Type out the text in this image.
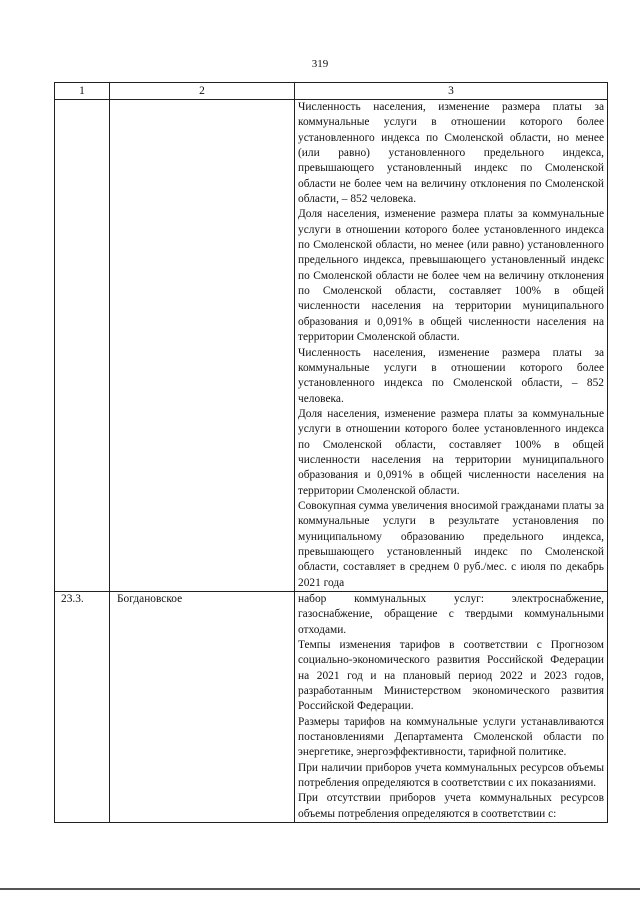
319
1	2	3

		Численность населения, изменение размера платы за коммунальные услуги в отношении которого более установленного индекса по Смоленской области, но менее (или равно) установленного предельного индекса, превышающего установленный индекс по Смоленской области не более чем на величину отклонения по Смоленской области, – 852 человека.

Доля населения, изменение размера платы за коммунальные услуги в отношении которого более установленного индекса по Смоленской области, но менее (или равно) установленного предельного индекса, превышающего установленный индекс по Смоленской области не более чем на величину отклонения по Смоленской области, составляет 100% в общей численности населения на территории муниципального образования и 0,091% в общей численности населения на территории Смоленской области.

Численность населения, изменение размера платы за коммунальные услуги в отношении которого более установленного индекса по Смоленской области, – 852 человека.

Доля населения, изменение размера платы за коммунальные услуги в отношении которого более установленного индекса по Смоленской области, составляет 100% в общей численности населения на территории муниципального образования и 0,091% в общей численности населения на территории Смоленской области.

Совокупная сумма увеличения вносимой гражданами платы за коммунальные услуги в результате установления по муниципальному образованию предельного индекса, превышающего установленный индекс по Смоленской области, составляет в среднем 0 руб./мес. с июля по декабрь 2021 года

23.3.	Богдановское	набор коммунальных услуг: электроснабжение, газоснабжение, обращение с твердыми коммунальными отходами.

Темпы изменения тарифов в соответствии с Прогнозом социально-экономического развития Российской Федерации на 2021 год и на плановый период 2022 и 2023 годов, разработанным Министерством экономического развития Российской Федерации.

Размеры тарифов на коммунальные услуги устанавливаются постановлениями Департамента Смоленской области по энергетике, энергоэффективности, тарифной политике.

При наличии приборов учета коммунальных ресурсов объемы потребления определяются в соответствии с их показаниями.

При отсутствии приборов учета коммунальных ресурсов объемы потребления определяются в соответствии с:
